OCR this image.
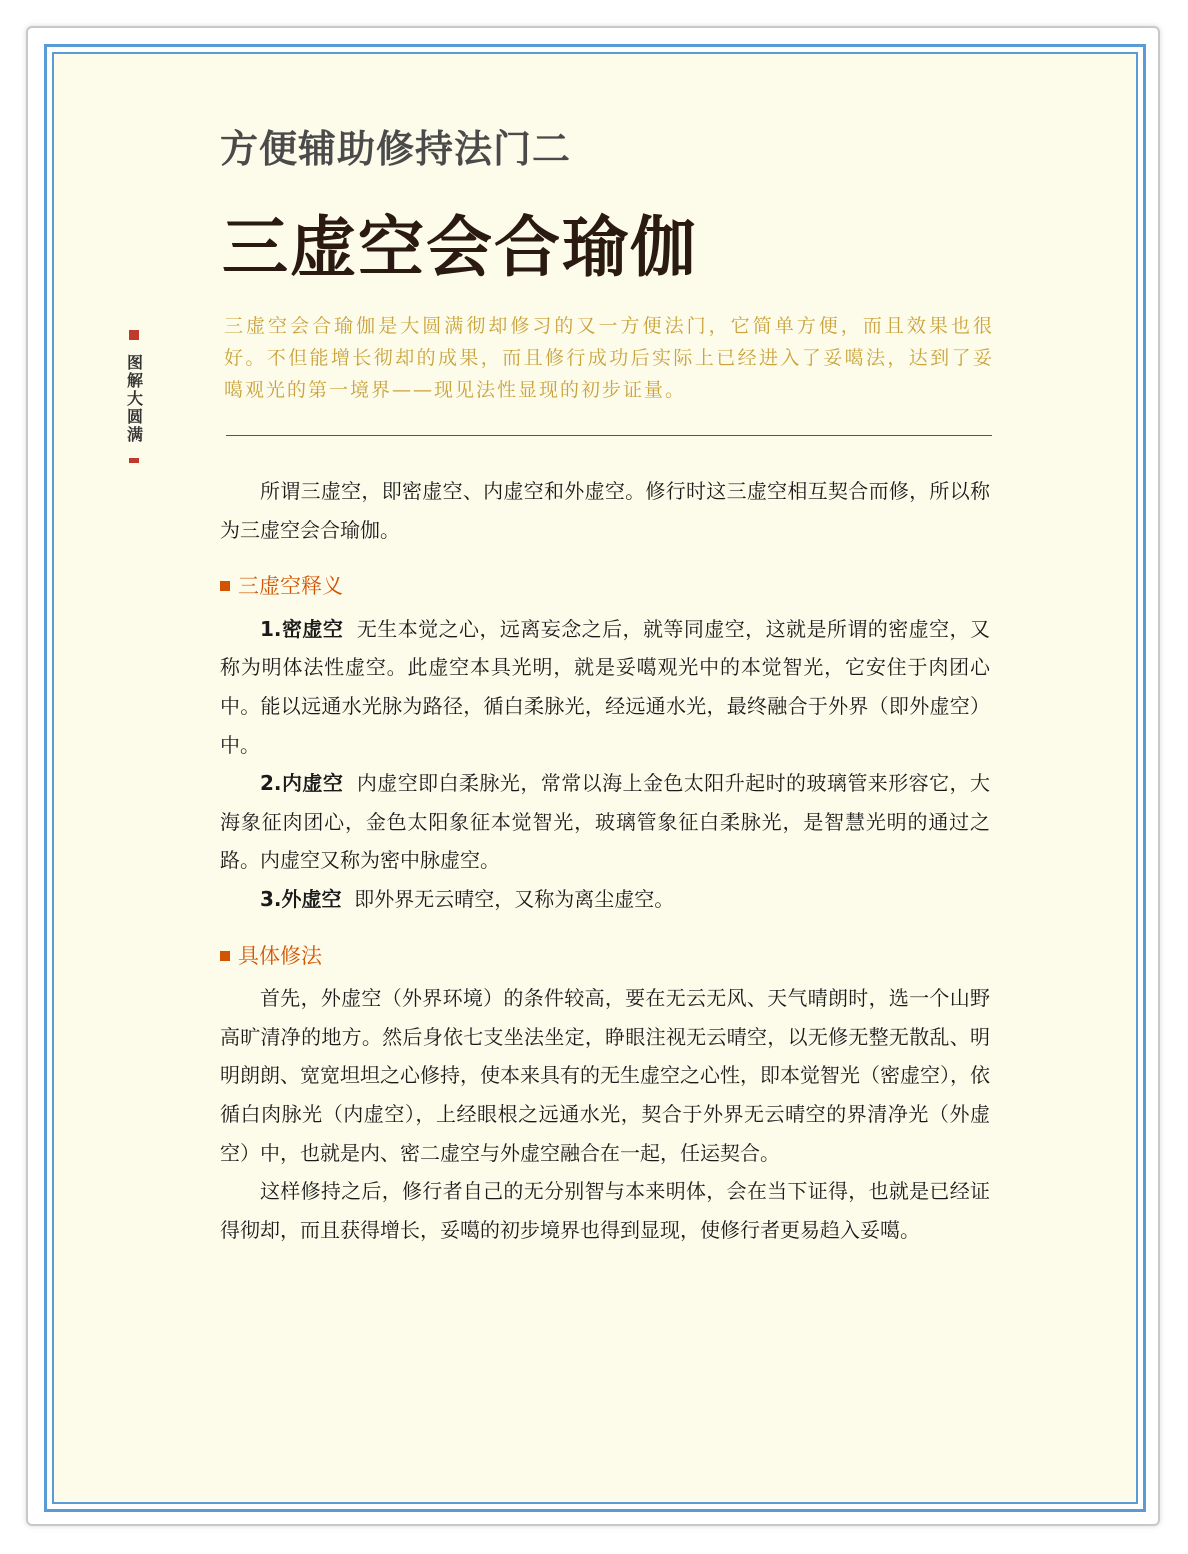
方便辅助修持法门二
三虚空会合瑜伽
图解大圆满
三虚空会合瑜伽是大圆满彻却修习的又一方便法门，它简单方便，而且效果也很好。不但能增长彻却的成果，而且修行成功后实际上已经进入了妥噶法，达到了妥噶观光的第一境界——现见法性显现的初步证量。

所谓三虚空，即密虚空、内虚空和外虚空。修行时这三虚空相互契合而修，所以称为三虚空会合瑜伽。

三虚空释义

1.密虚空 无生本觉之心，远离妄念之后，就等同虚空，这就是所谓的密虚空，又称为明体法性虚空。此虚空本具光明，就是妥噶观光中的本觉智光，它安住于肉团心中。能以远通水光脉为路径，循白柔脉光，经远通水光，最终融合于外界（即外虚空）中。

2.内虚空 内虚空即白柔脉光，常常以海上金色太阳升起时的玻璃管来形容它，大海象征肉团心，金色太阳象征本觉智光，玻璃管象征白柔脉光，是智慧光明的通过之路。内虚空又称为密中脉虚空。

3.外虚空 即外界无云晴空，又称为离尘虚空。

具体修法

首先，外虚空（外界环境）的条件较高，要在无云无风、天气晴朗时，选一个山野高旷清净的地方。然后身依七支坐法坐定，睁眼注视无云晴空，以无修无整无散乱、明明朗朗、宽宽坦坦之心修持，使本来具有的无生虚空之心性，即本觉智光（密虚空），依循白肉脉光（内虚空），上经眼根之远通水光，契合于外界无云晴空的界清净光（外虚空）中，也就是内、密二虚空与外虚空融合在一起，任运契合。

这样修持之后，修行者自己的无分别智与本来明体，会在当下证得，也就是已经证得彻却，而且获得增长，妥噶的初步境界也得到显现，使修行者更易趋入妥噶。
